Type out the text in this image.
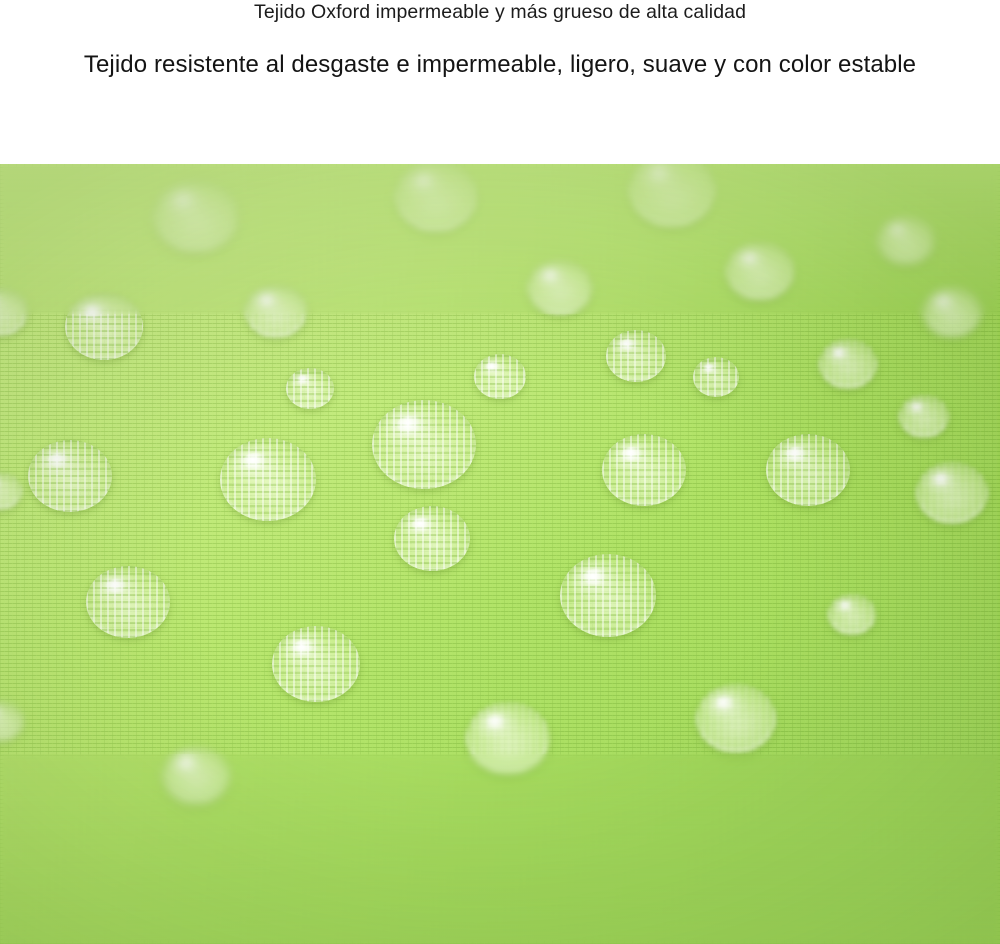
Tejido Oxford impermeable y más grueso de alta calidad
Tejido resistente al desgaste e impermeable, ligero, suave y con color estable
